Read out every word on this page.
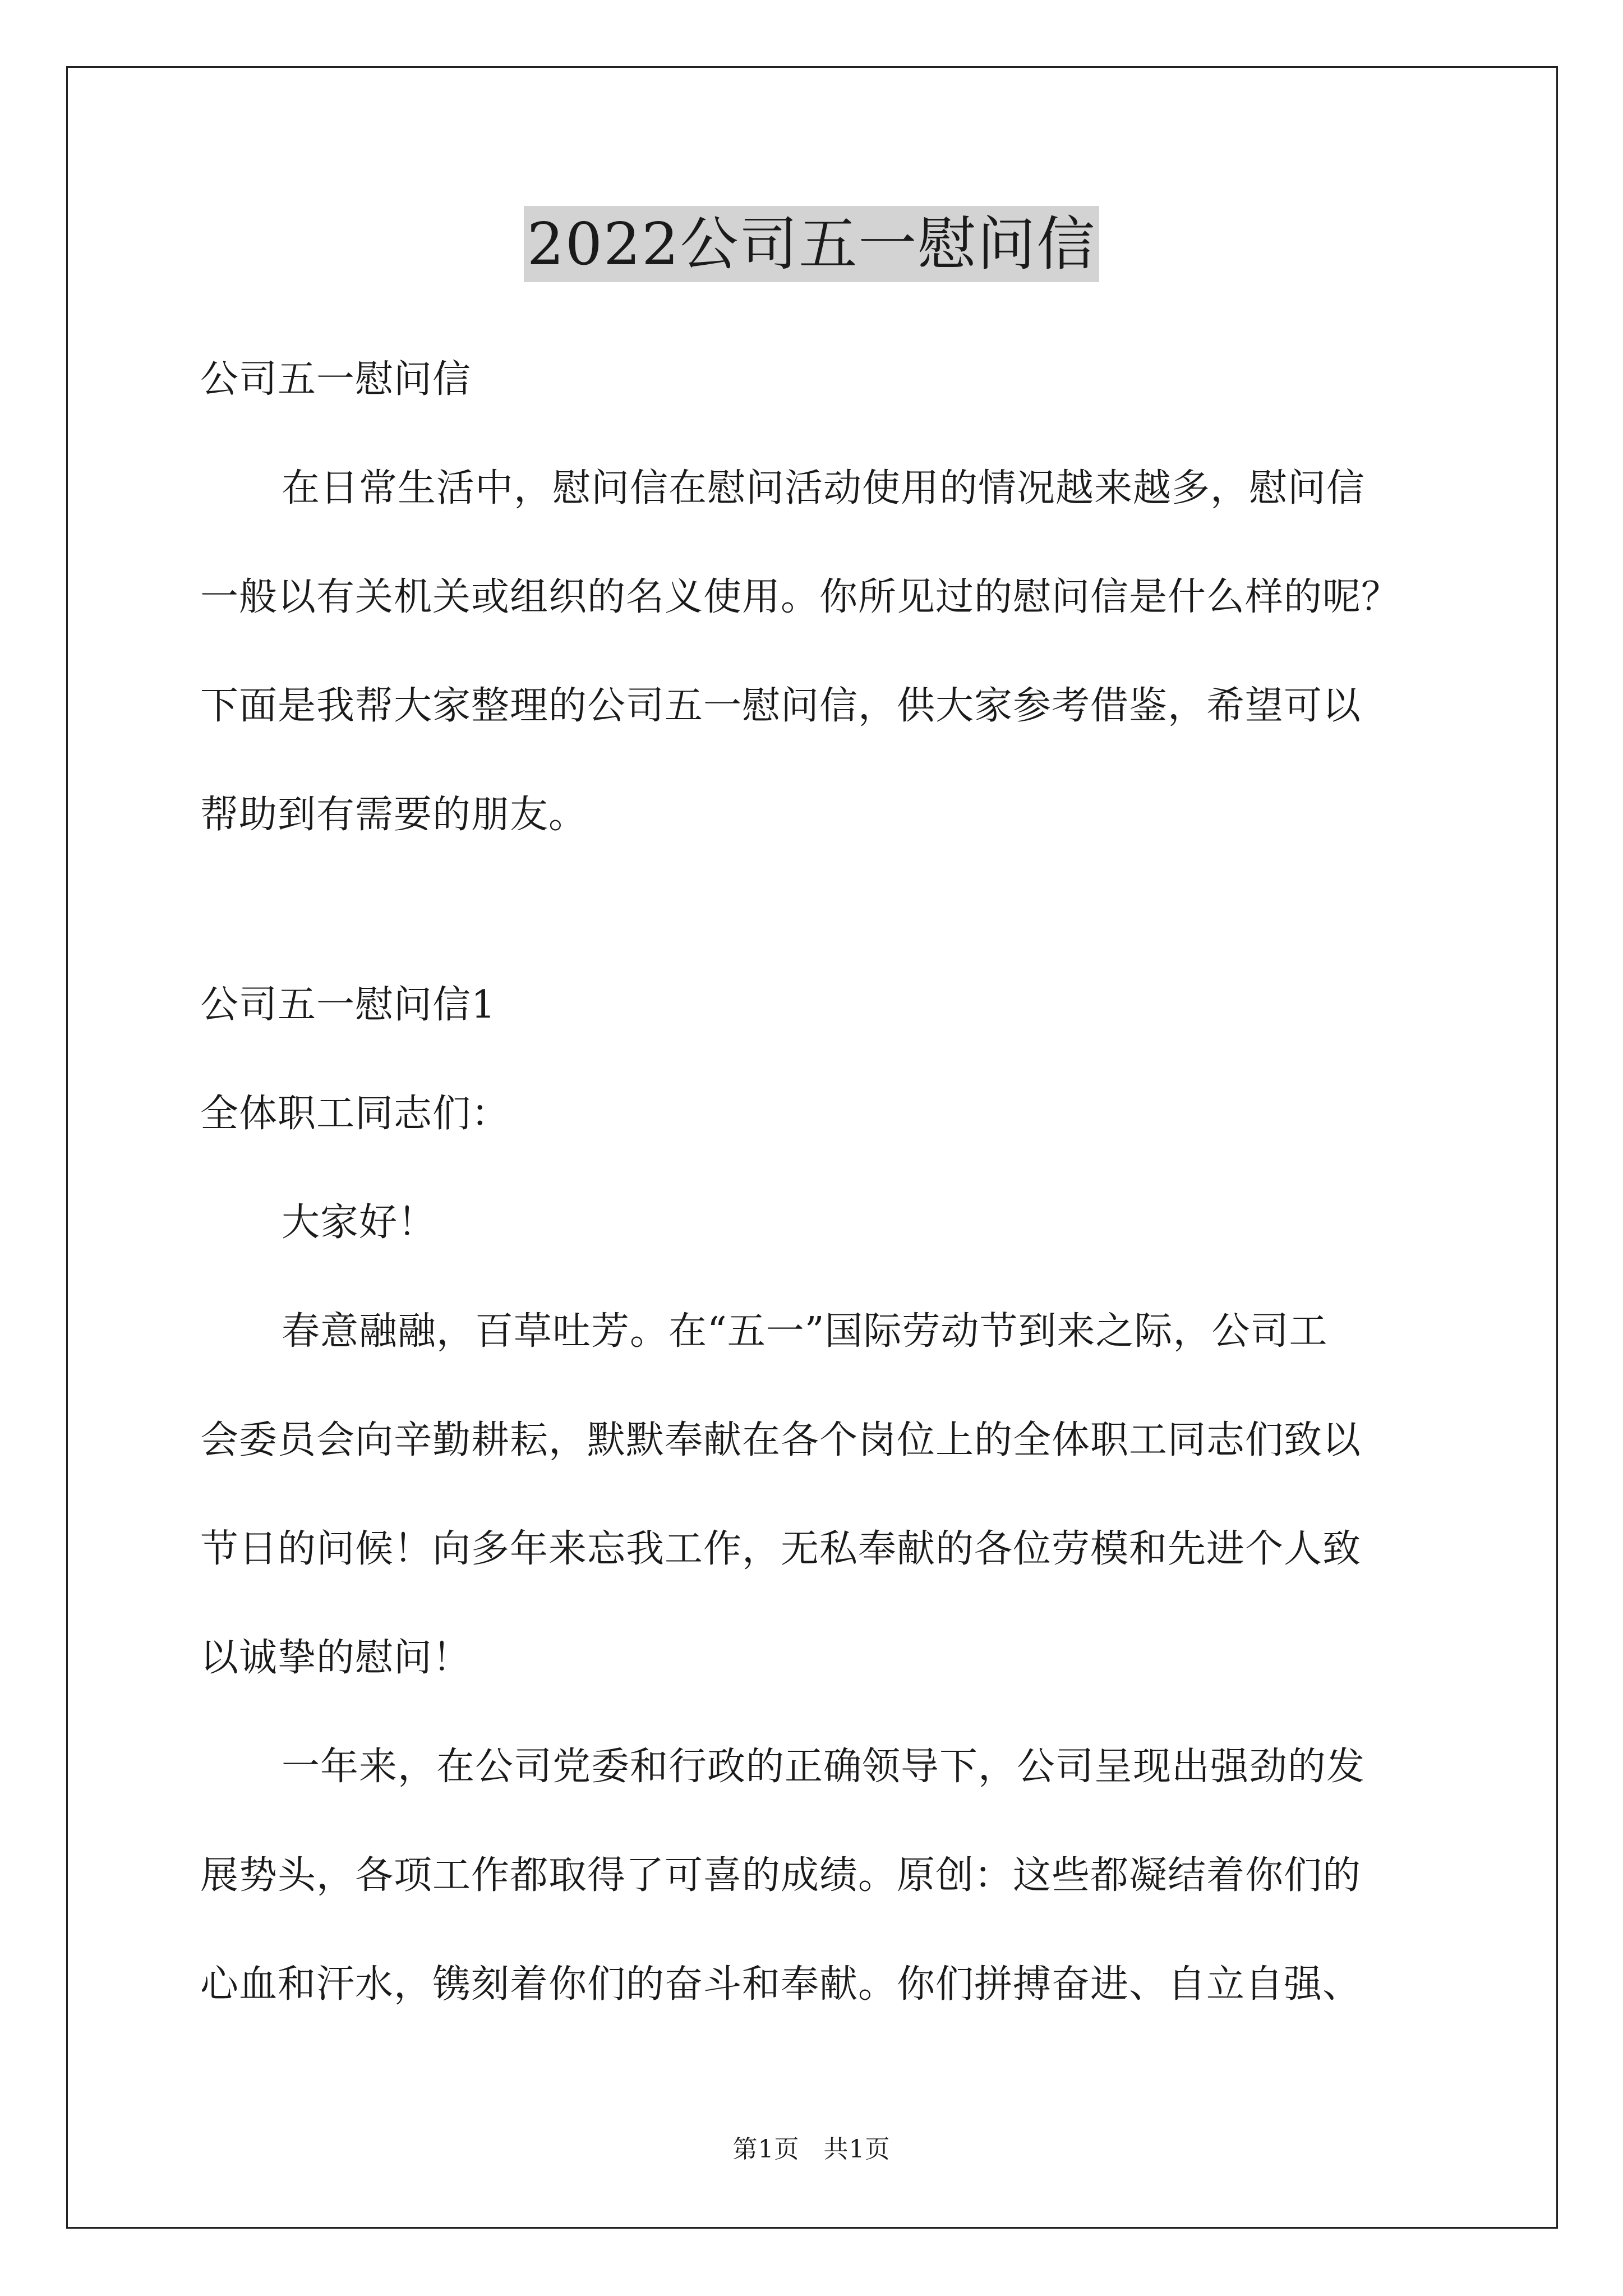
2022公司五一慰问信
公司五一慰问信
在日常生活中，慰问信在慰问活动使用的情况越来越多，慰问信
一般以有关机关或组织的名义使用。你所见过的慰问信是什么样的呢？
下面是我帮大家整理的公司五一慰问信，供大家参考借鉴，希望可以
帮助到有需要的朋友。
公司五一慰问信1
全体职工同志们：
大家好！
春意融融，百草吐芳。在“五一”国际劳动节到来之际，公司工
会委员会向辛勤耕耘，默默奉献在各个岗位上的全体职工同志们致以
节日的问候！向多年来忘我工作，无私奉献的各位劳模和先进个人致
以诚挚的慰问！
一年来，在公司党委和行政的正确领导下，公司呈现出强劲的发
展势头，各项工作都取得了可喜的成绩。原创：这些都凝结着你们的
心血和汗水，镌刻着你们的奋斗和奉献。你们拼搏奋进、自立自强、
第1页 共1页
